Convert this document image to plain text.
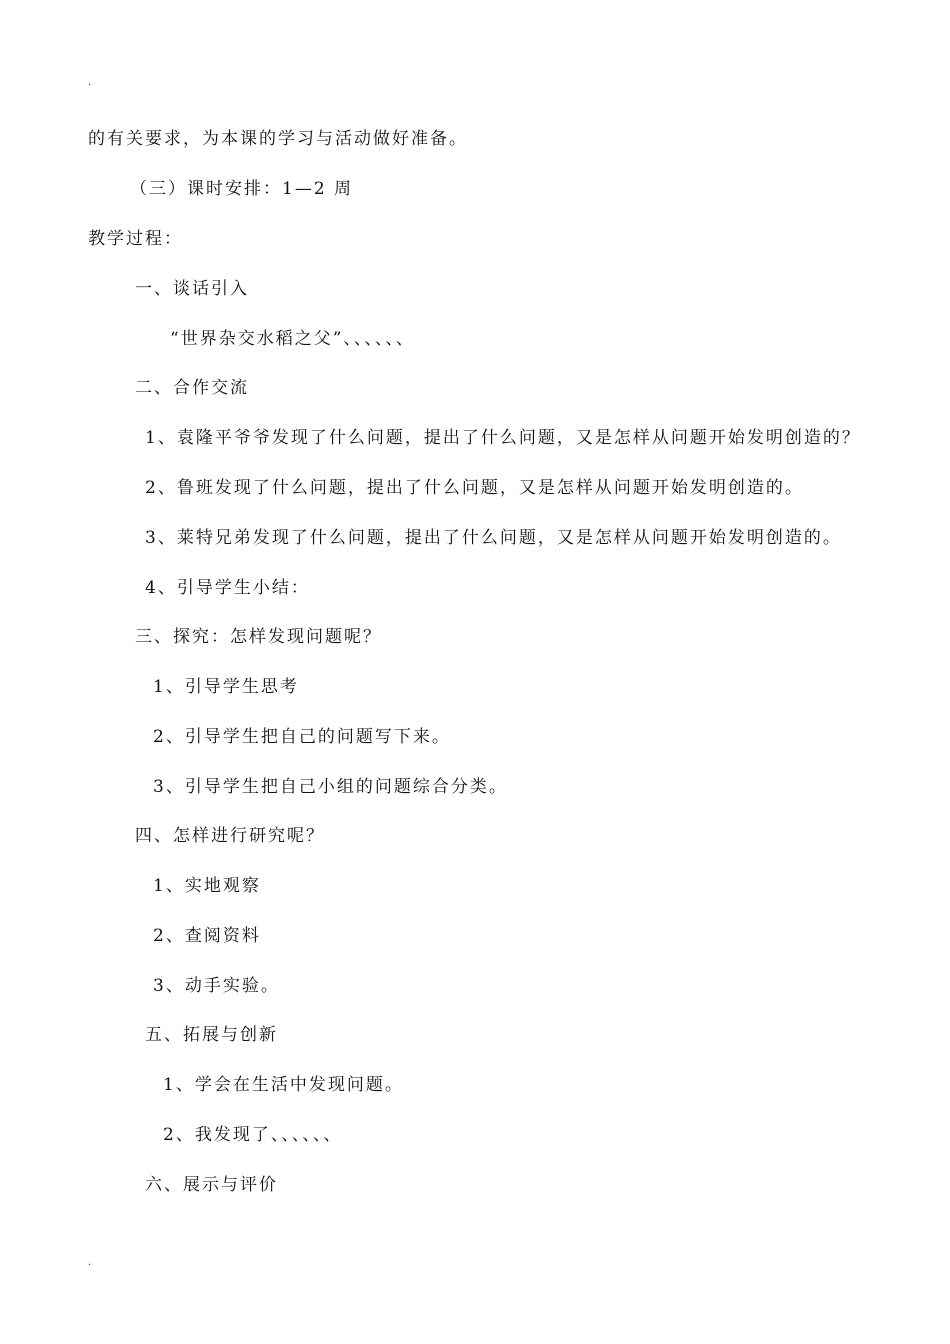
.
的有关要求，为本课的学习与活动做好准备。
（三）课时安排：1—2 周
教学过程：
一、谈话引入
“世界杂交水稻之父”、、、、、、
二、合作交流
1、袁隆平爷爷发现了什么问题，提出了什么问题，又是怎样从问题开始发明创造的？
2、鲁班发现了什么问题，提出了什么问题，又是怎样从问题开始发明创造的。
3、莱特兄弟发现了什么问题，提出了什么问题，又是怎样从问题开始发明创造的。
4、引导学生小结：
三、探究：怎样发现问题呢？
1、引导学生思考
2、引导学生把自己的问题写下来。
3、引导学生把自己小组的问题综合分类。
四、怎样进行研究呢？
1、实地观察
2、查阅资料
3、动手实验。
五、拓展与创新
1、学会在生活中发现问题。
2、我发现了、、、、、、
六、展示与评价
.
